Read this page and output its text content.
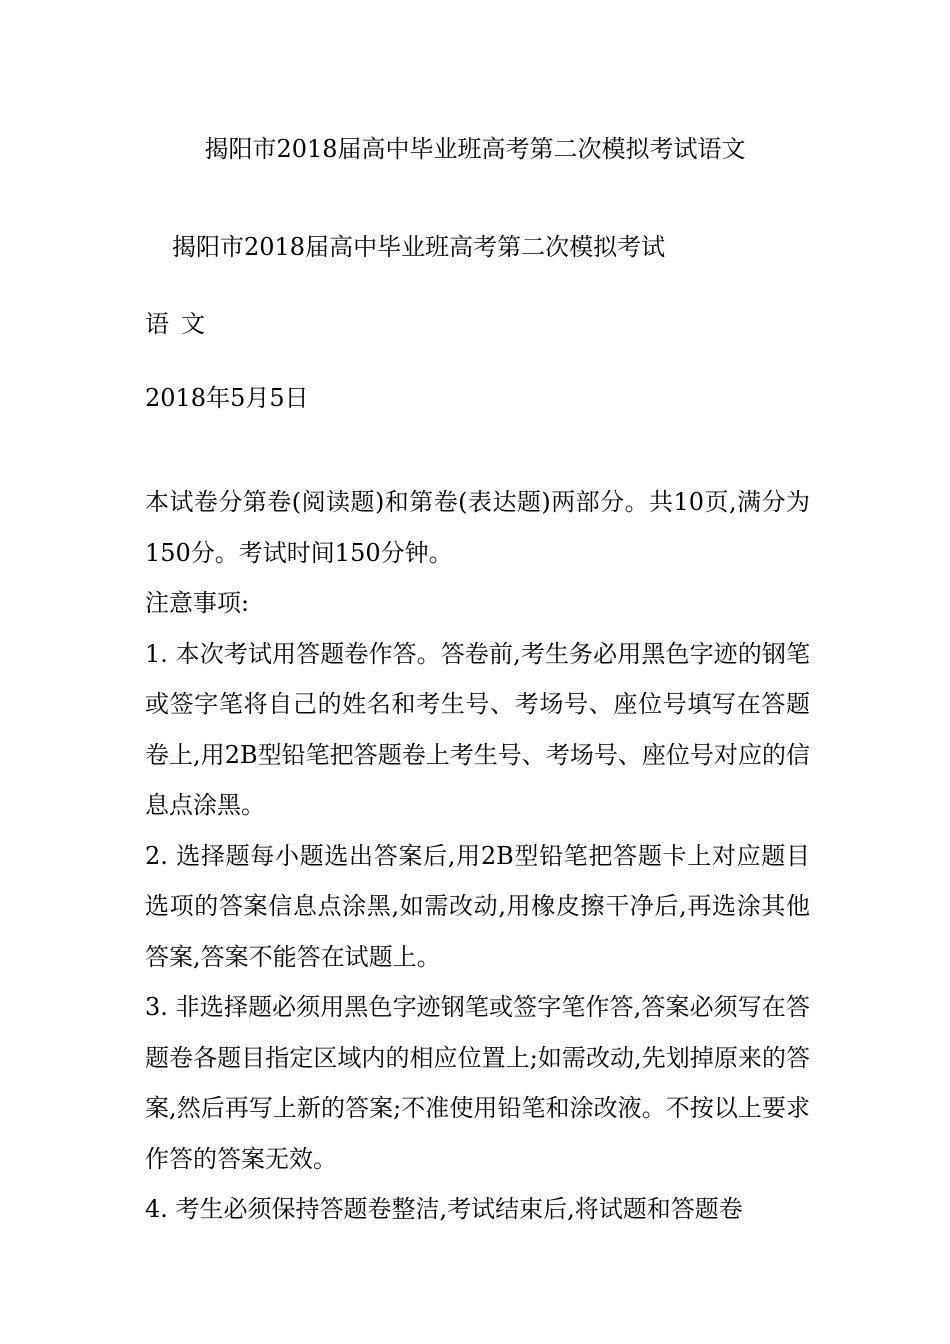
揭阳市2018届高中毕业班高考第二次模拟考试语文
揭阳市2018届高中毕业班高考第二次模拟考试
语文
2018年5月5日

本试卷分第卷(阅读题)和第卷(表达题)两部分。共10页,满分为150分。考试时间150分钟。

注意事项:

1. 本次考试用答题卷作答。答卷前,考生务必用黑色字迹的钢笔或签字笔将自己的姓名和考生号、考场号、座位号填写在答题卷上,用2B型铅笔把答题卷上考生号、考场号、座位号对应的信息点涂黑。

2. 选择题每小题选出答案后,用2B型铅笔把答题卡上对应题目选项的答案信息点涂黑,如需改动,用橡皮擦干净后,再选涂其他答案,答案不能答在试题上。

3. 非选择题必须用黑色字迹钢笔或签字笔作答,答案必须写在答题卷各题目指定区域内的相应位置上;如需改动,先划掉原来的答案,然后再写上新的答案;不准使用铅笔和涂改液。不按以上要求作答的答案无效。

4. 考生必须保持答题卷整洁,考试结束后,将试题和答题卷
